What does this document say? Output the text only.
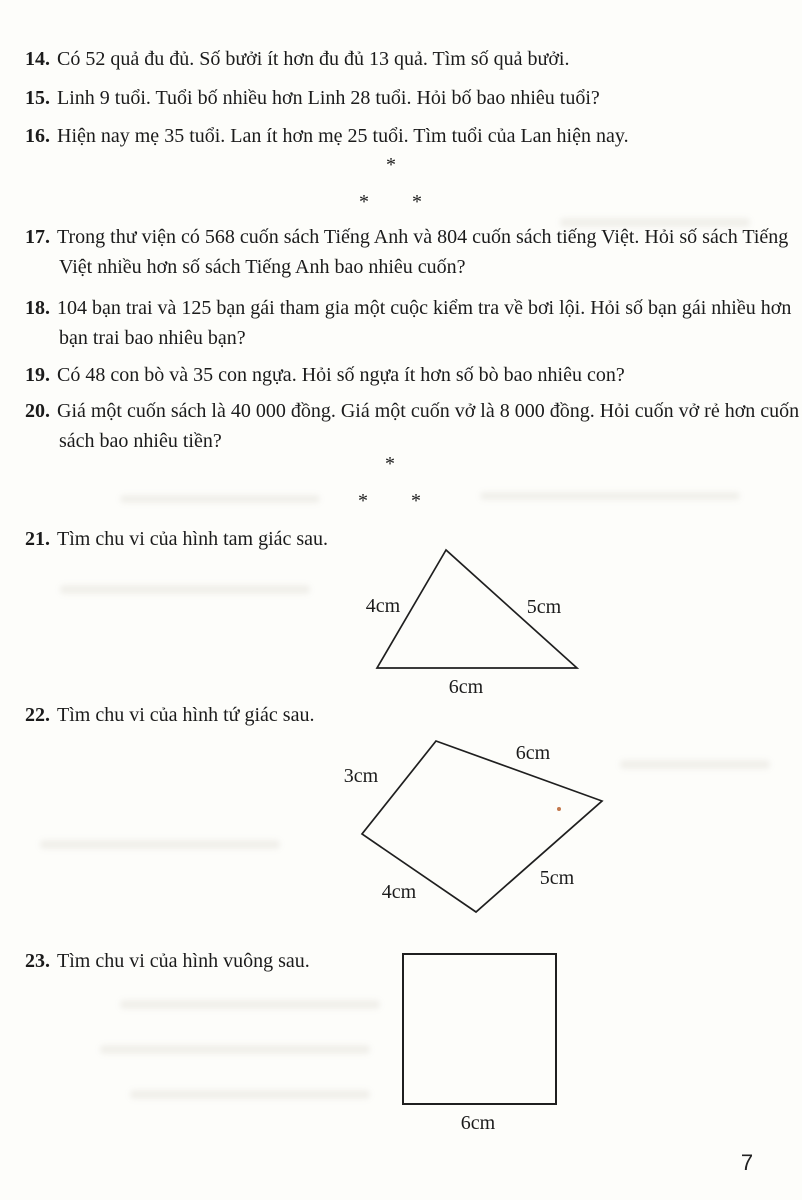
14. Có 52 quả đu đủ. Số bưởi ít hơn đu đủ 13 quả. Tìm số quả bưởi.
15. Linh 9 tuổi. Tuổi bố nhiều hơn Linh 28 tuổi. Hỏi bố bao nhiêu tuổi?
16. Hiện nay mẹ 35 tuổi. Lan ít hơn mẹ 25 tuổi. Tìm tuổi của Lan hiện nay.
*
* *
17. Trong thư viện có 568 cuốn sách Tiếng Anh và 804 cuốn sách tiếng Việt. Hỏi số sách Tiếng Việt nhiều hơn số sách Tiếng Anh bao nhiêu cuốn?
18. 104 bạn trai và 125 bạn gái tham gia một cuộc kiểm tra về bơi lội. Hỏi số bạn gái nhiều hơn bạn trai bao nhiêu bạn?
19. Có 48 con bò và 35 con ngựa. Hỏi số ngựa ít hơn số bò bao nhiêu con?
20. Giá một cuốn sách là 40 000 đồng. Giá một cuốn vở là 8 000 đồng. Hỏi cuốn vở rẻ hơn cuốn sách bao nhiêu tiền?
*
* *
21. Tìm chu vi của hình tam giác sau.
4cm	5cm
6cm
22. Tìm chu vi của hình tứ giác sau.
3cm
6cm
5cm
4cm
23. Tìm chu vi của hình vuông sau.
6cm
7
